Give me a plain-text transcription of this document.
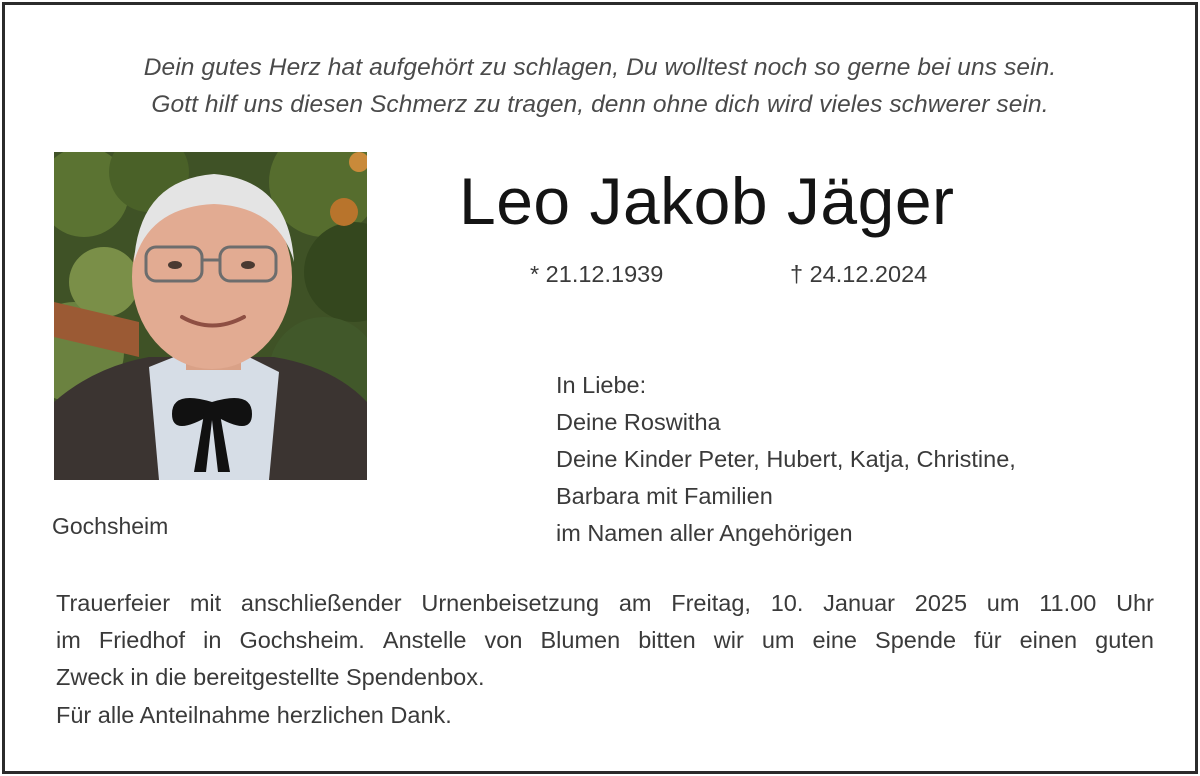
Dein gutes Herz hat aufgehört zu schlagen, Du wolltest noch so gerne bei uns sein.
Gott hilf uns diesen Schmerz zu tragen, denn ohne dich wird vieles schwerer sein.
Gochsheim
Leo Jakob Jäger
* 21.12.1939	† 24.12.2024
In Liebe:
Deine Roswitha
Deine Kinder Peter, Hubert, Katja, Christine,
Barbara mit Familien
im Namen aller Angehörigen
Trauerfeier mit anschließender Urnenbeisetzung am Freitag, 10. Januar 2025 um 11.00 Uhr
im Friedhof in Gochsheim. Anstelle von Blumen bitten wir um eine Spende für einen guten
Zweck in die bereitgestellte Spendenbox.
Für alle Anteilnahme herzlichen Dank.
